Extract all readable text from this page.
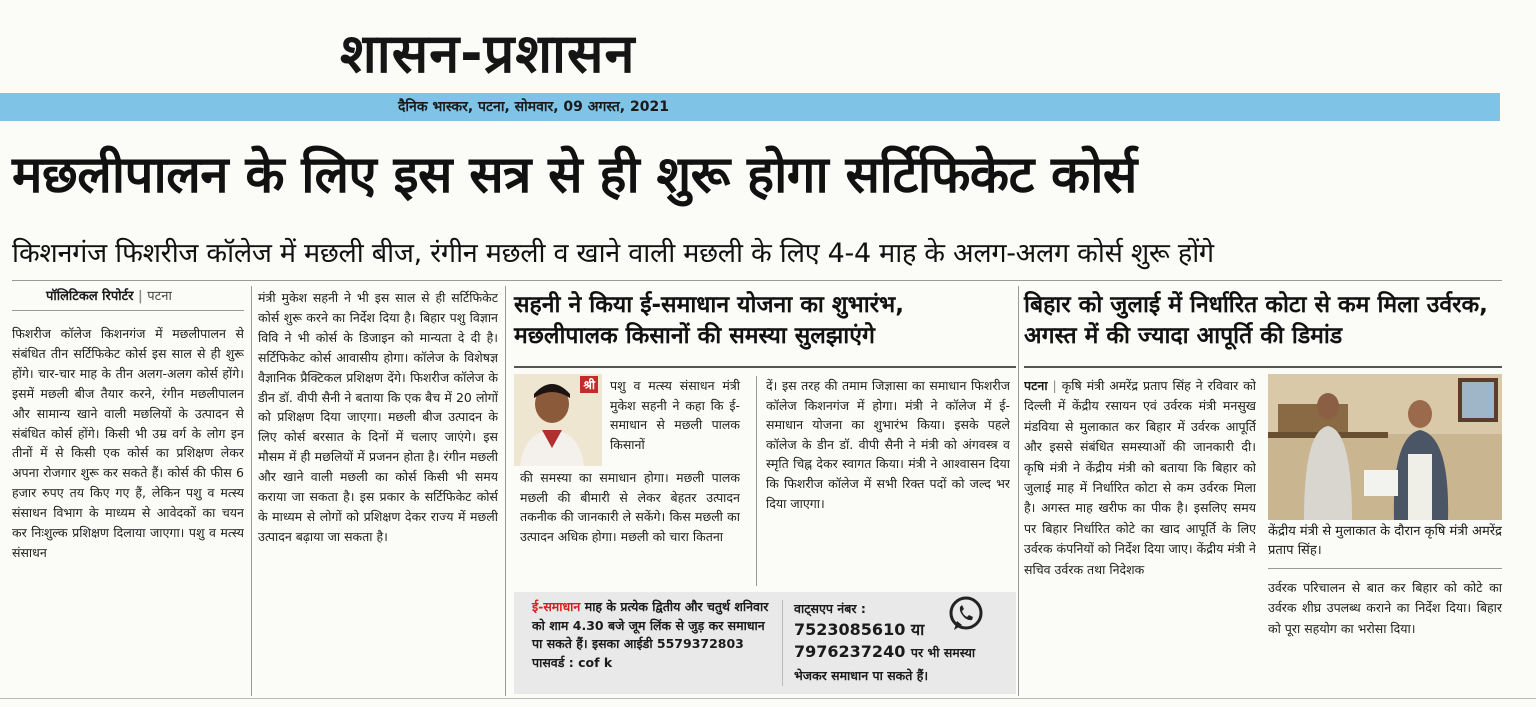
शासन-प्रशासन
दैनिक भास्कर, पटना, सोमवार, 09 अगस्त, 2021
मछलीपालन के लिए इस सत्र से ही शुरू होगा सर्टिफिकेट कोर्स
किशनगंज फिशरीज कॉलेज में मछली बीज, रंगीन मछली व खाने वाली मछली के लिए 4-4 माह के अलग-अलग कोर्स शुरू होंगे
पॉलिटिकल रिपोर्टर | पटना
फिशरीज कॉलेज किशनगंज में मछलीपालन से संबंधित तीन सर्टिफिकेट कोर्स इस साल से ही शुरू होंगे। चार-चार माह के तीन अलग-अलग कोर्स होंगे। इसमें मछली बीज तैयार करने, रंगीन मछलीपालन और सामान्य खाने वाली मछलियों के उत्पादन से संबंधित कोर्स होंगे। किसी भी उम्र वर्ग के लोग इन तीनों में से किसी एक कोर्स का प्रशिक्षण लेकर अपना रोजगार शुरू कर सकते हैं। कोर्स की फीस 6 हजार रुपए तय किए गए हैं, लेकिन पशु व मत्स्य संसाधन विभाग के माध्यम से आवेदकों का चयन कर निःशुल्क प्रशिक्षण दिलाया जाएगा। पशु व मत्स्य संसाधन
मंत्री मुकेश सहनी ने भी इस साल से ही सर्टिफिकेट कोर्स शुरू करने का निर्देश दिया है। बिहार पशु विज्ञान विवि ने भी कोर्स के डिजाइन को मान्यता दे दी है। सर्टिफिकेट कोर्स आवासीय होगा। कॉलेज के विशेषज्ञ वैज्ञानिक प्रैक्टिकल प्रशिक्षण देंगे। फिशरीज कॉलेज के डीन डॉ. वीपी सैनी ने बताया कि एक बैच में 20 लोगों को प्रशिक्षण दिया जाएगा। मछली बीज उत्पादन के लिए कोर्स बरसात के दिनों में चलाए जाएंगे। इस मौसम में ही मछलियों में प्रजनन होता है। रंगीन मछली और खाने वाली मछली का कोर्स किसी भी समय कराया जा सकता है। इस प्रकार के सर्टिफिकेट कोर्स के माध्यम से लोगों को प्रशिक्षण देकर राज्य में मछली उत्पादन बढ़ाया जा सकता है।
सहनी ने किया ई-समाधान योजना का शुभारंभ, मछलीपालक किसानों की समस्या सुलझाएंगे
श्री पशु व मत्स्य संसाधन मंत्री मुकेश सहनी ने कहा कि ई-समाधान से मछली पालक किसानों
की समस्या का समाधान होगा। मछली पालक मछली की बीमारी से लेकर बेहतर उत्पादन तकनीक की जानकारी ले सकेंगे। किस मछली का उत्पादन अधिक होगा। मछली को चारा कितना
दें। इस तरह की तमाम जिज्ञासा का समाधान फिशरीज कॉलेज किशनगंज में होगा। मंत्री ने कॉलेज में ई-समाधान योजना का शुभारंभ किया। इसके पहले कॉलेज के डीन डॉ. वीपी सैनी ने मंत्री को अंगवस्त्र व स्मृति चिह्न देकर स्वागत किया। मंत्री ने आश्वासन दिया कि फिशरीज कॉलेज में सभी रिक्त पदों को जल्द भर दिया जाएगा।
ई-समाधान माह के प्रत्येक द्वितीय और चतुर्थ शनिवार को शाम 4.30 बजे जूम लिंक से जुड़ कर समाधान पा सकते हैं। इसका आईडी 5579372803 पासवर्ड : cof k
वाट्सएप नंबर :
7523085610 या
7976237240 पर भी समस्या भेजकर समाधान पा सकते हैं।
बिहार को जुलाई में निर्धारित कोटा से कम मिला उर्वरक, अगस्त में की ज्यादा आपूर्ति की डिमांड
पटना | कृषि मंत्री अमरेंद्र प्रताप सिंह ने रविवार को दिल्ली में केंद्रीय रसायन एवं उर्वरक मंत्री मनसुख मंडविया से मुलाकात कर बिहार में उर्वरक आपूर्ति और इससे संबंधित समस्याओं की जानकारी दी। कृषि मंत्री ने केंद्रीय मंत्री को बताया कि बिहार को जुलाई माह में निर्धारित कोटा से कम उर्वरक मिला है। अगस्त माह खरीफ का पीक है। इसलिए समय पर बिहार निर्धारित कोटे का खाद आपूर्ति के लिए उर्वरक कंपनियों को निर्देश दिया जाए। केंद्रीय मंत्री ने सचिव उर्वरक तथा निदेशक
केंद्रीय मंत्री से मुलाकात के दौरान कृषि मंत्री अमरेंद्र प्रताप सिंह।
उर्वरक परिचालन से बात कर बिहार को कोटे का उर्वरक शीघ्र उपलब्ध कराने का निर्देश दिया। बिहार को पूरा सहयोग का भरोसा दिया।
